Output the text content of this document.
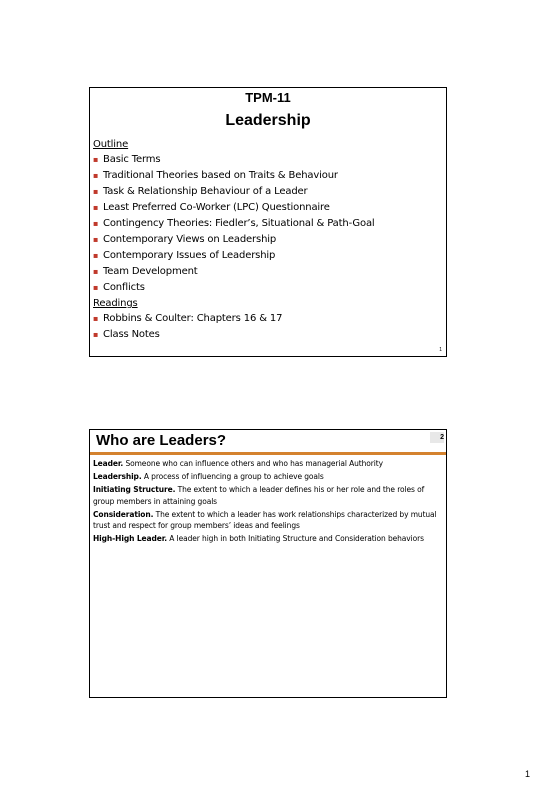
TPM-11
Leadership
Outline
▪ Basic Terms
▪ Traditional Theories based on Traits & Behaviour
▪ Task & Relationship Behaviour of a Leader
▪ Least Preferred Co-Worker (LPC) Questionnaire
▪ Contingency Theories: Fiedler’s, Situational & Path-Goal
▪ Contemporary Views on Leadership
▪ Contemporary Issues of Leadership
▪ Team Development
▪ Conflicts
Readings
▪ Robbins & Coulter: Chapters 16 & 17
▪ Class Notes
1
Who are Leaders?	2

Leader. Someone who can influence others and who has managerial Authority

Leadership. A process of influencing a group to achieve goals

Initiating Structure. The extent to which a leader defines his or her role and the roles of group members in attaining goals

Consideration. The extent to which a leader has work relationships characterized by mutual trust and respect for group members’ ideas and feelings

High-High Leader. A leader high in both Initiating Structure and Consideration behaviors

1
